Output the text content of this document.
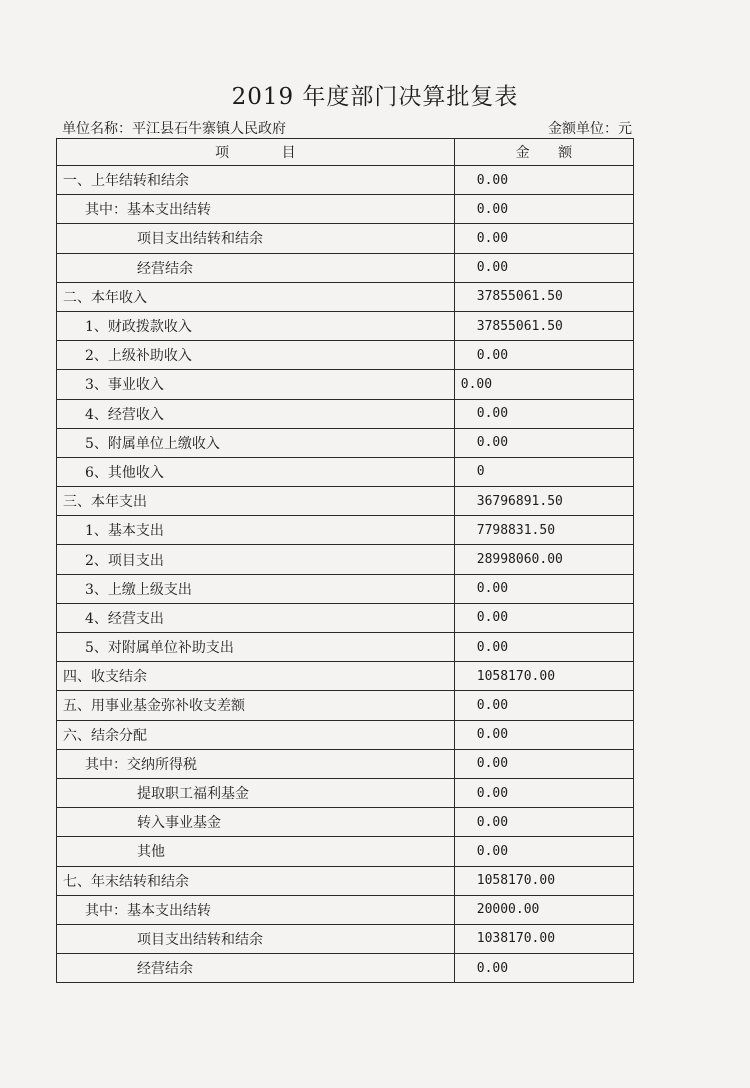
2019 年度部门决算批复表
单位名称：平江县石牛寨镇人民政府	金额单位：元
项 目	金 额
一、上年结转和结余	0.00
其中：基本支出结转	0.00
项目支出结转和结余	0.00
经营结余	0.00
二、本年收入	37855061.50
1、财政拨款收入	37855061.50
2、上级补助收入	0.00
3、事业收入	0.00
4、经营收入	0.00
5、附属单位上缴收入	0.00
6、其他收入	0
三、本年支出	36796891.50
1、基本支出	7798831.50
2、项目支出	28998060.00
3、上缴上级支出	0.00
4、经营支出	0.00
5、对附属单位补助支出	0.00
四、收支结余	1058170.00
五、用事业基金弥补收支差额	0.00
六、结余分配	0.00
其中：交纳所得税	0.00
提取职工福利基金	0.00
转入事业基金	0.00
其他	0.00
七、年末结转和结余	1058170.00
其中：基本支出结转	20000.00
项目支出结转和结余	1038170.00
经营结余	0.00
